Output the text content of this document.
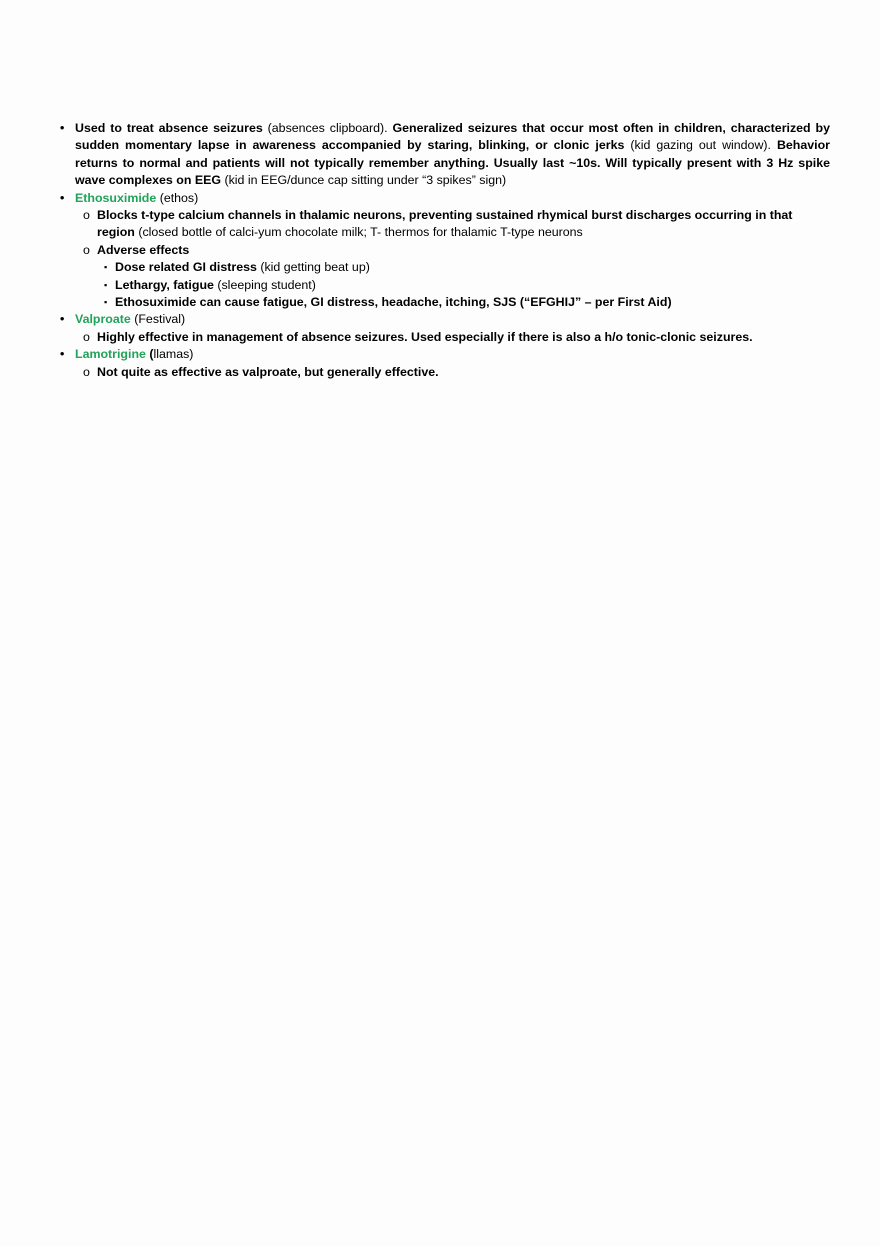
• Used to treat absence seizures (absences clipboard). Generalized seizures that occur most often in children, characterized by sudden momentary lapse in awareness accompanied by staring, blinking, or clonic jerks (kid gazing out window). Behavior returns to normal and patients will not typically remember anything. Usually last ~10s. Will typically present with 3 Hz spike wave complexes on EEG (kid in EEG/dunce cap sitting under “3 spikes” sign)
• Ethosuximide (ethos)
o Blocks t-type calcium channels in thalamic neurons, preventing sustained rhymical burst discharges occurring in that region (closed bottle of calci-yum chocolate milk; T- thermos for thalamic T-type neurons
o Adverse effects
▪ Dose related GI distress (kid getting beat up)
▪ Lethargy, fatigue (sleeping student)
▪ Ethosuximide can cause fatigue, GI distress, headache, itching, SJS (“EFGHIJ” – per First Aid)
• Valproate (Festival)
o Highly effective in management of absence seizures. Used especially if there is also a h/o tonic-clonic seizures.
• Lamotrigine (llamas)
o Not quite as effective as valproate, but generally effective.
